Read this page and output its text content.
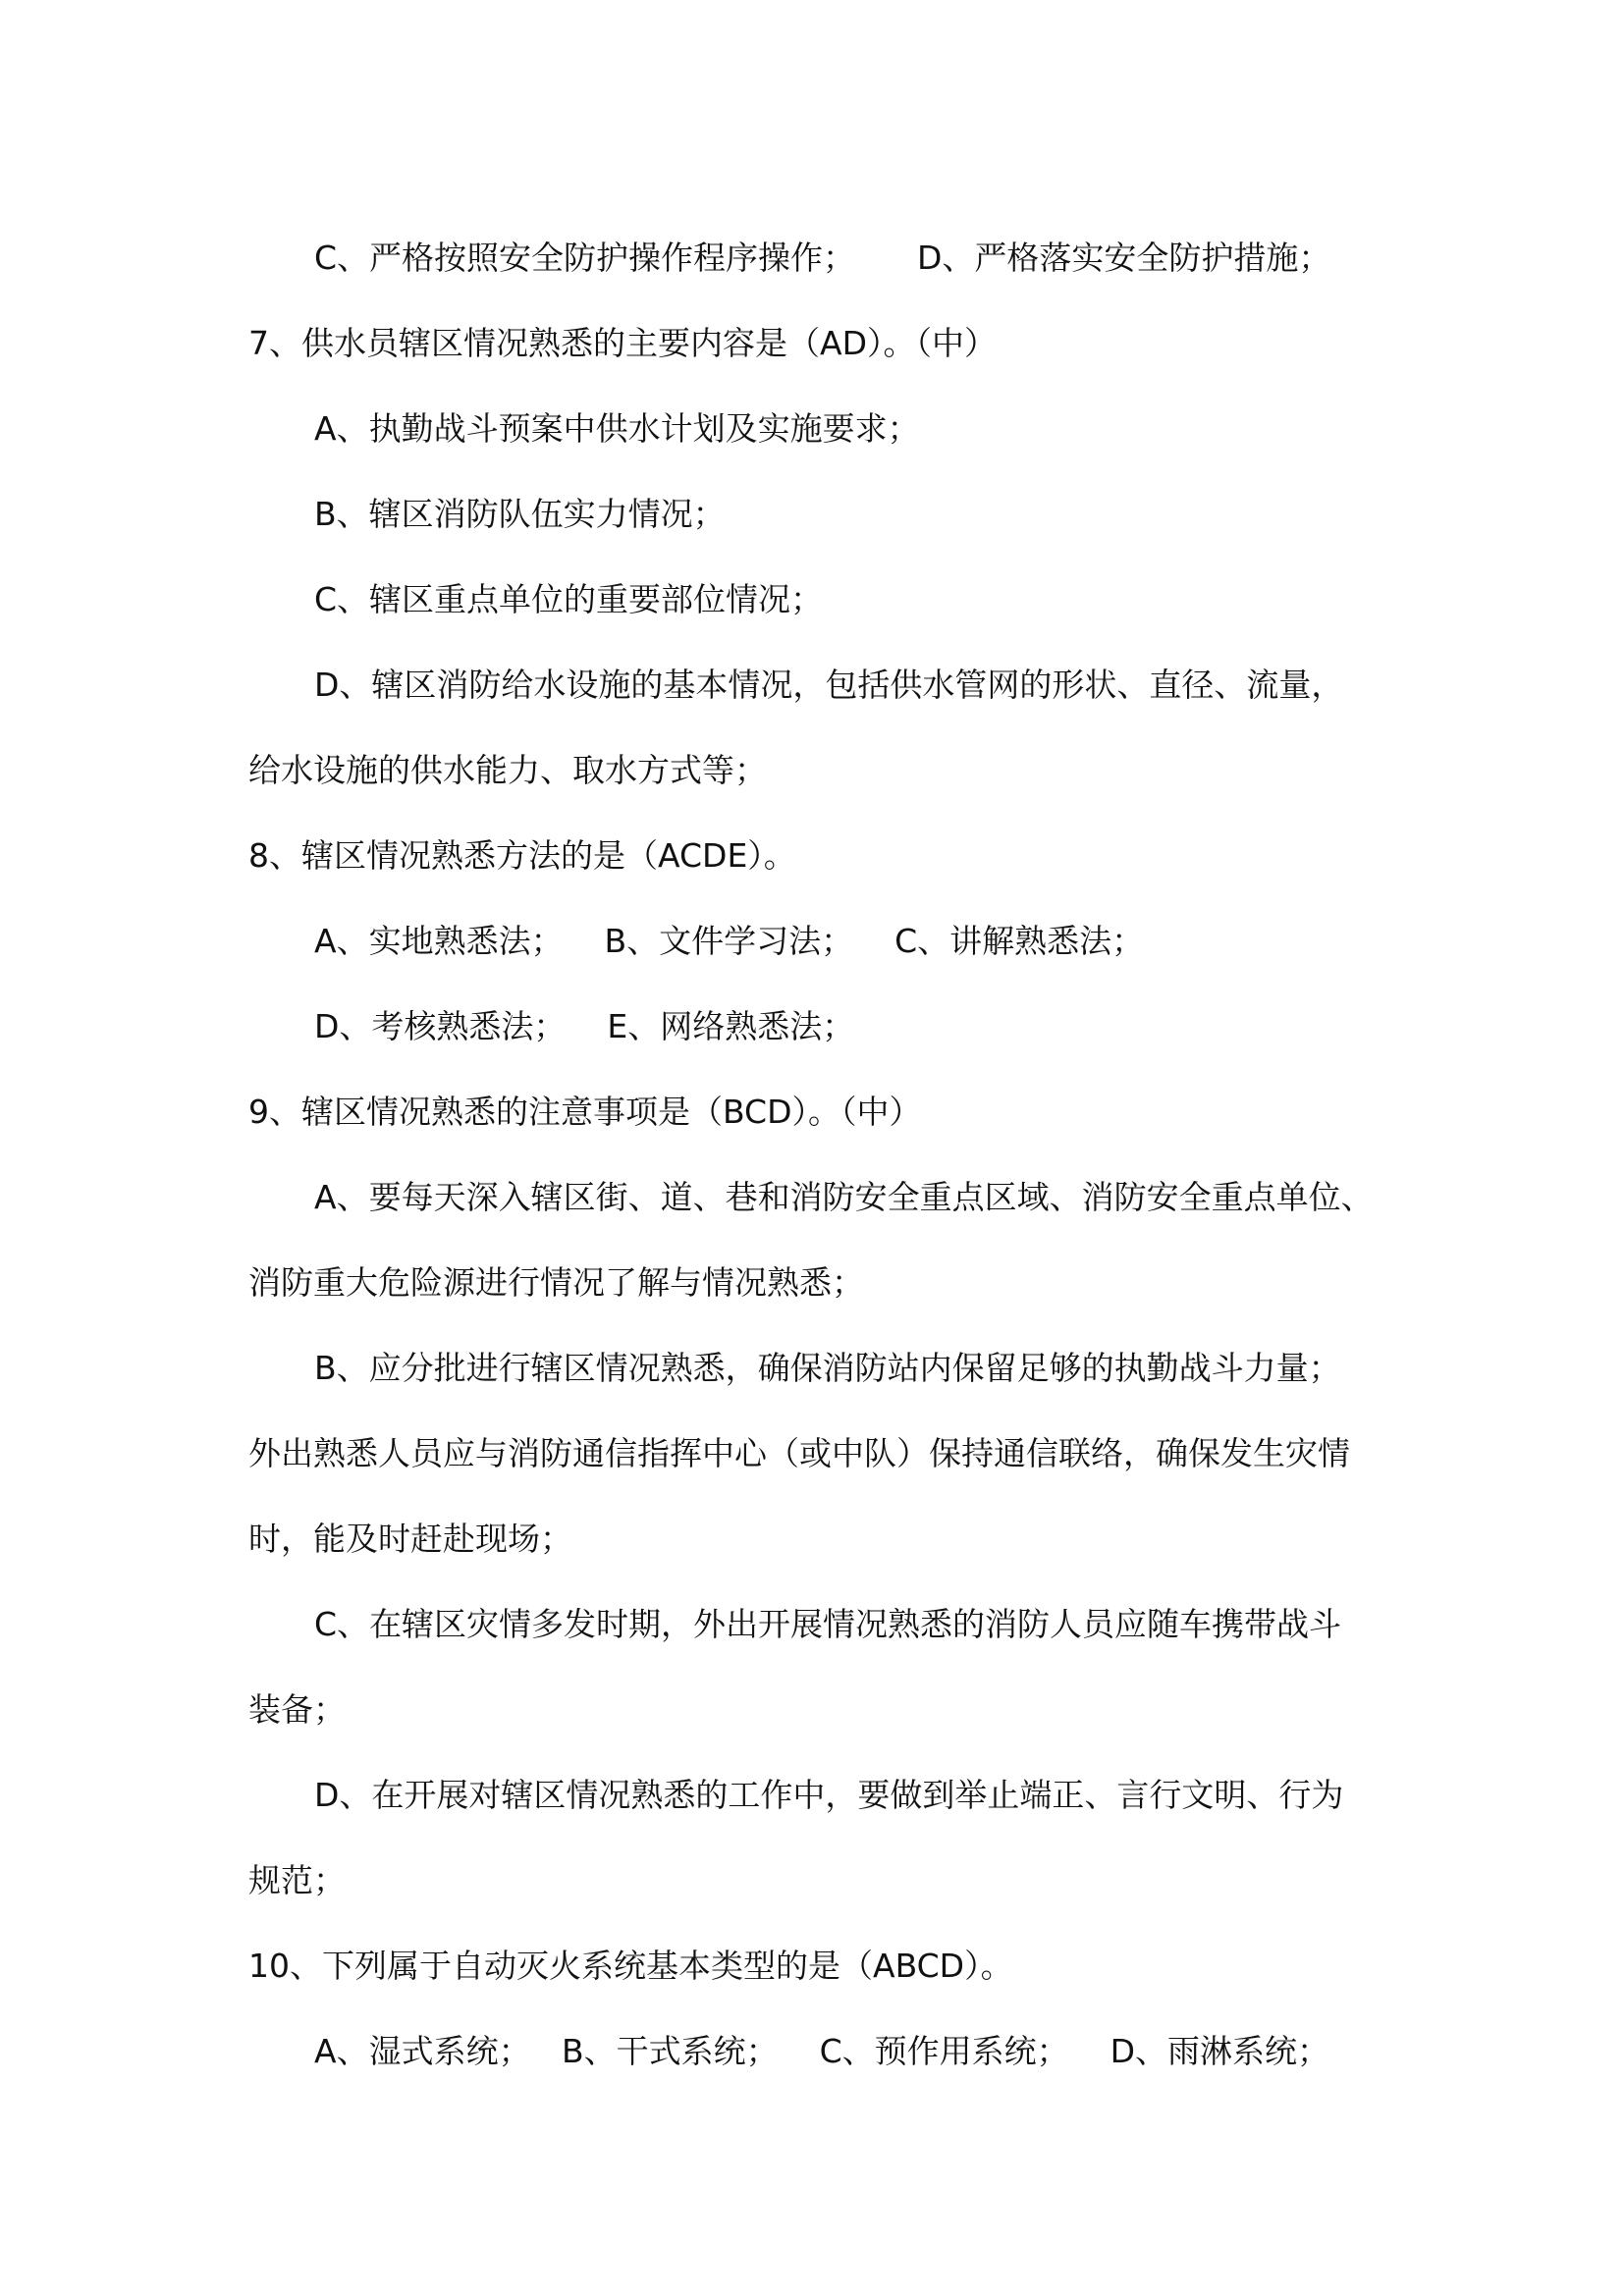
C、严格按照安全防护操作程序操作；      D、严格落实安全防护措施；
7、供水员辖区情况熟悉的主要内容是（AD）。（中）
A、执勤战斗预案中供水计划及实施要求；
B、辖区消防队伍实力情况；
C、辖区重点单位的重要部位情况；
D、辖区消防给水设施的基本情况，包括供水管网的形状、直径、流量，
给水设施的供水能力、取水方式等；
8、辖区情况熟悉方法的是（ACDE）。
A、实地熟悉法；    B、文件学习法；    C、讲解熟悉法；
D、考核熟悉法；    E、网络熟悉法；
9、辖区情况熟悉的注意事项是（BCD）。（中）
A、要每天深入辖区街、道、巷和消防安全重点区域、消防安全重点单位、
消防重大危险源进行情况了解与情况熟悉；
B、应分批进行辖区情况熟悉，确保消防站内保留足够的执勤战斗力量；
外出熟悉人员应与消防通信指挥中心（或中队）保持通信联络，确保发生灾情
时，能及时赶赴现场；
C、在辖区灾情多发时期，外出开展情况熟悉的消防人员应随车携带战斗
装备；
D、在开展对辖区情况熟悉的工作中，要做到举止端正、言行文明、行为
规范；
10、下列属于自动灭火系统基本类型的是（ABCD）。
A、湿式系统；   B、干式系统；    C、预作用系统；    D、雨淋系统；
